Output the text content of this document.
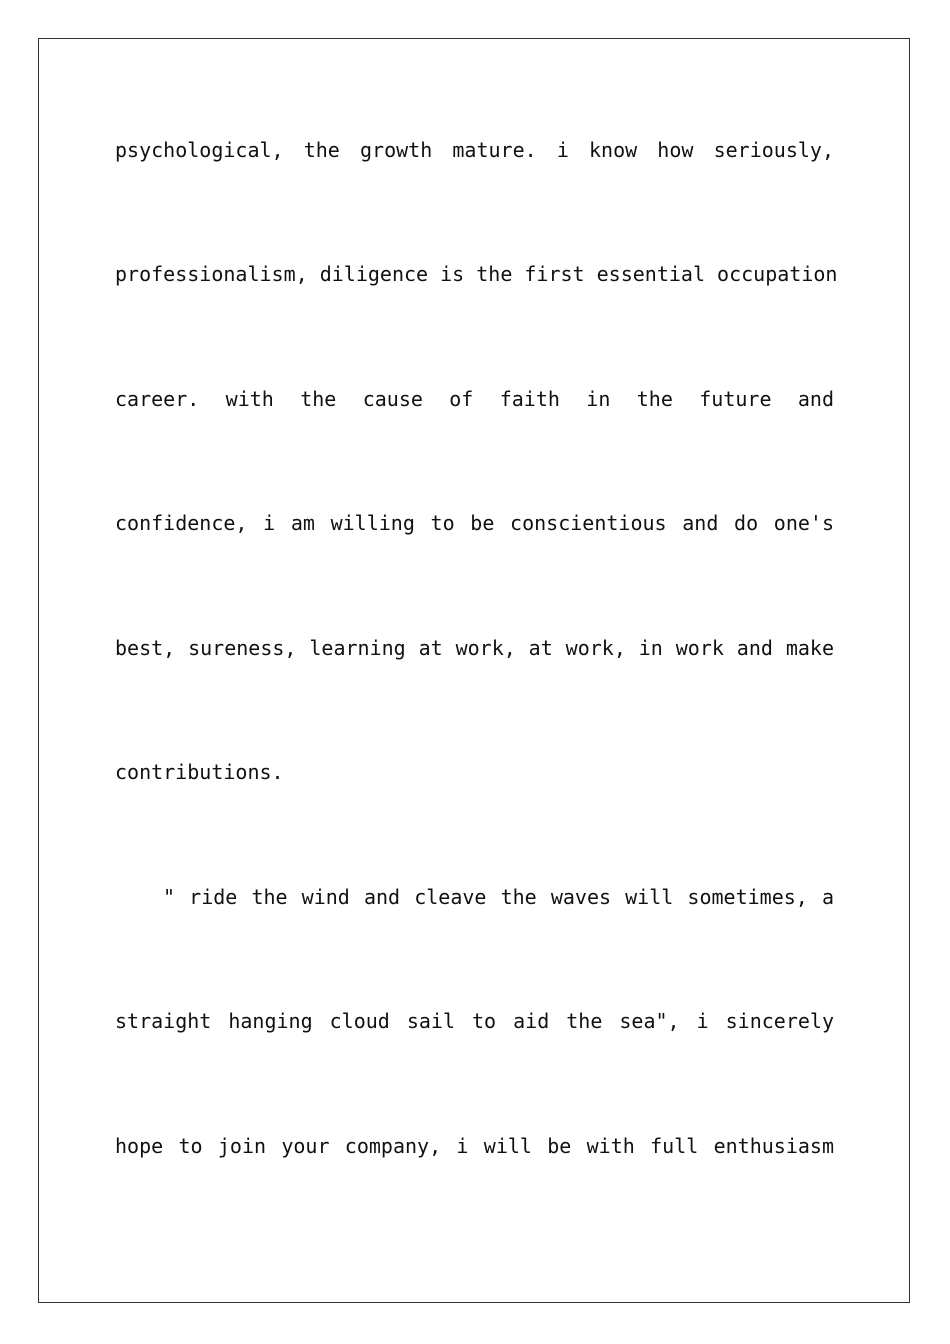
psychological, the growth mature. i know how seriously,
professionalism, diligence is the first essential occupation
career. with the cause of faith in the future and
confidence, i am willing to be conscientious and do one's
best, sureness, learning at work, at work, in work and make
contributions.
" ride the wind and cleave the waves will sometimes, a
straight hanging cloud sail to aid the sea", i sincerely
hope to join your company, i will be with full enthusiasm
